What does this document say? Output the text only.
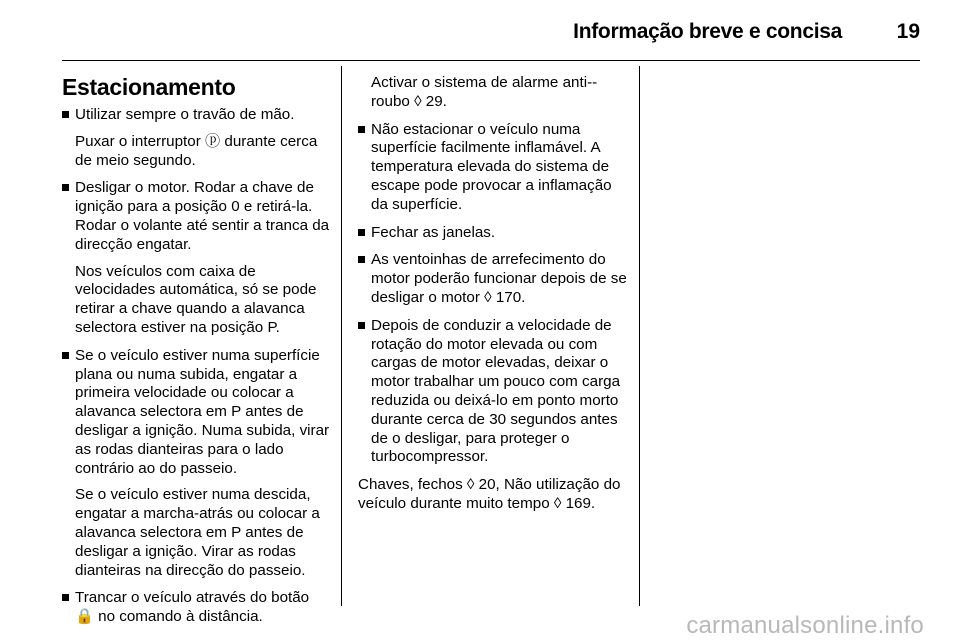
Informação breve e concisa	19
Estacionamento

Utilizar sempre o travão de mão.

Puxar o interruptor ⓟ durante cerca de meio segundo.

Desligar o motor. Rodar a chave de ignição para a posição 0 e retirá-la. Rodar o volante até sentir a tranca da direcção engatar.

Nos veículos com caixa de velocidades automática, só se pode retirar a chave quando a alavanca selectora estiver na posição P.

Se o veículo estiver numa superfície plana ou numa subida, engatar a primeira velocidade ou colocar a alavanca selectora em P antes de desligar a ignição. Numa subida, virar as rodas dianteiras para o lado contrário ao do passeio.

Se o veículo estiver numa descida, engatar a marcha-atrás ou colocar a alavanca selectora em P antes de desligar a ignição. Virar as rodas dianteiras na direcção do passeio.

Trancar o veículo através do botão 🔒 no comando à distância.

Activar o sistema de alarme anti--roubo ◊ 29.

Não estacionar o veículo numa superfície facilmente inflamável. A temperatura elevada do sistema de escape pode provocar a inflamação da superfície.

Fechar as janelas.

As ventoinhas de arrefecimento do motor poderão funcionar depois de se desligar o motor ◊ 170.

Depois de conduzir a velocidade de rotação do motor elevada ou com cargas de motor elevadas, deixar o motor trabalhar um pouco com carga reduzida ou deixá-lo em ponto morto durante cerca de 30 segundos antes de o desligar, para proteger o turbocompressor.

Chaves, fechos ◊ 20, Não utilização do veículo durante muito tempo ◊ 169.

carmanualsonline.info
